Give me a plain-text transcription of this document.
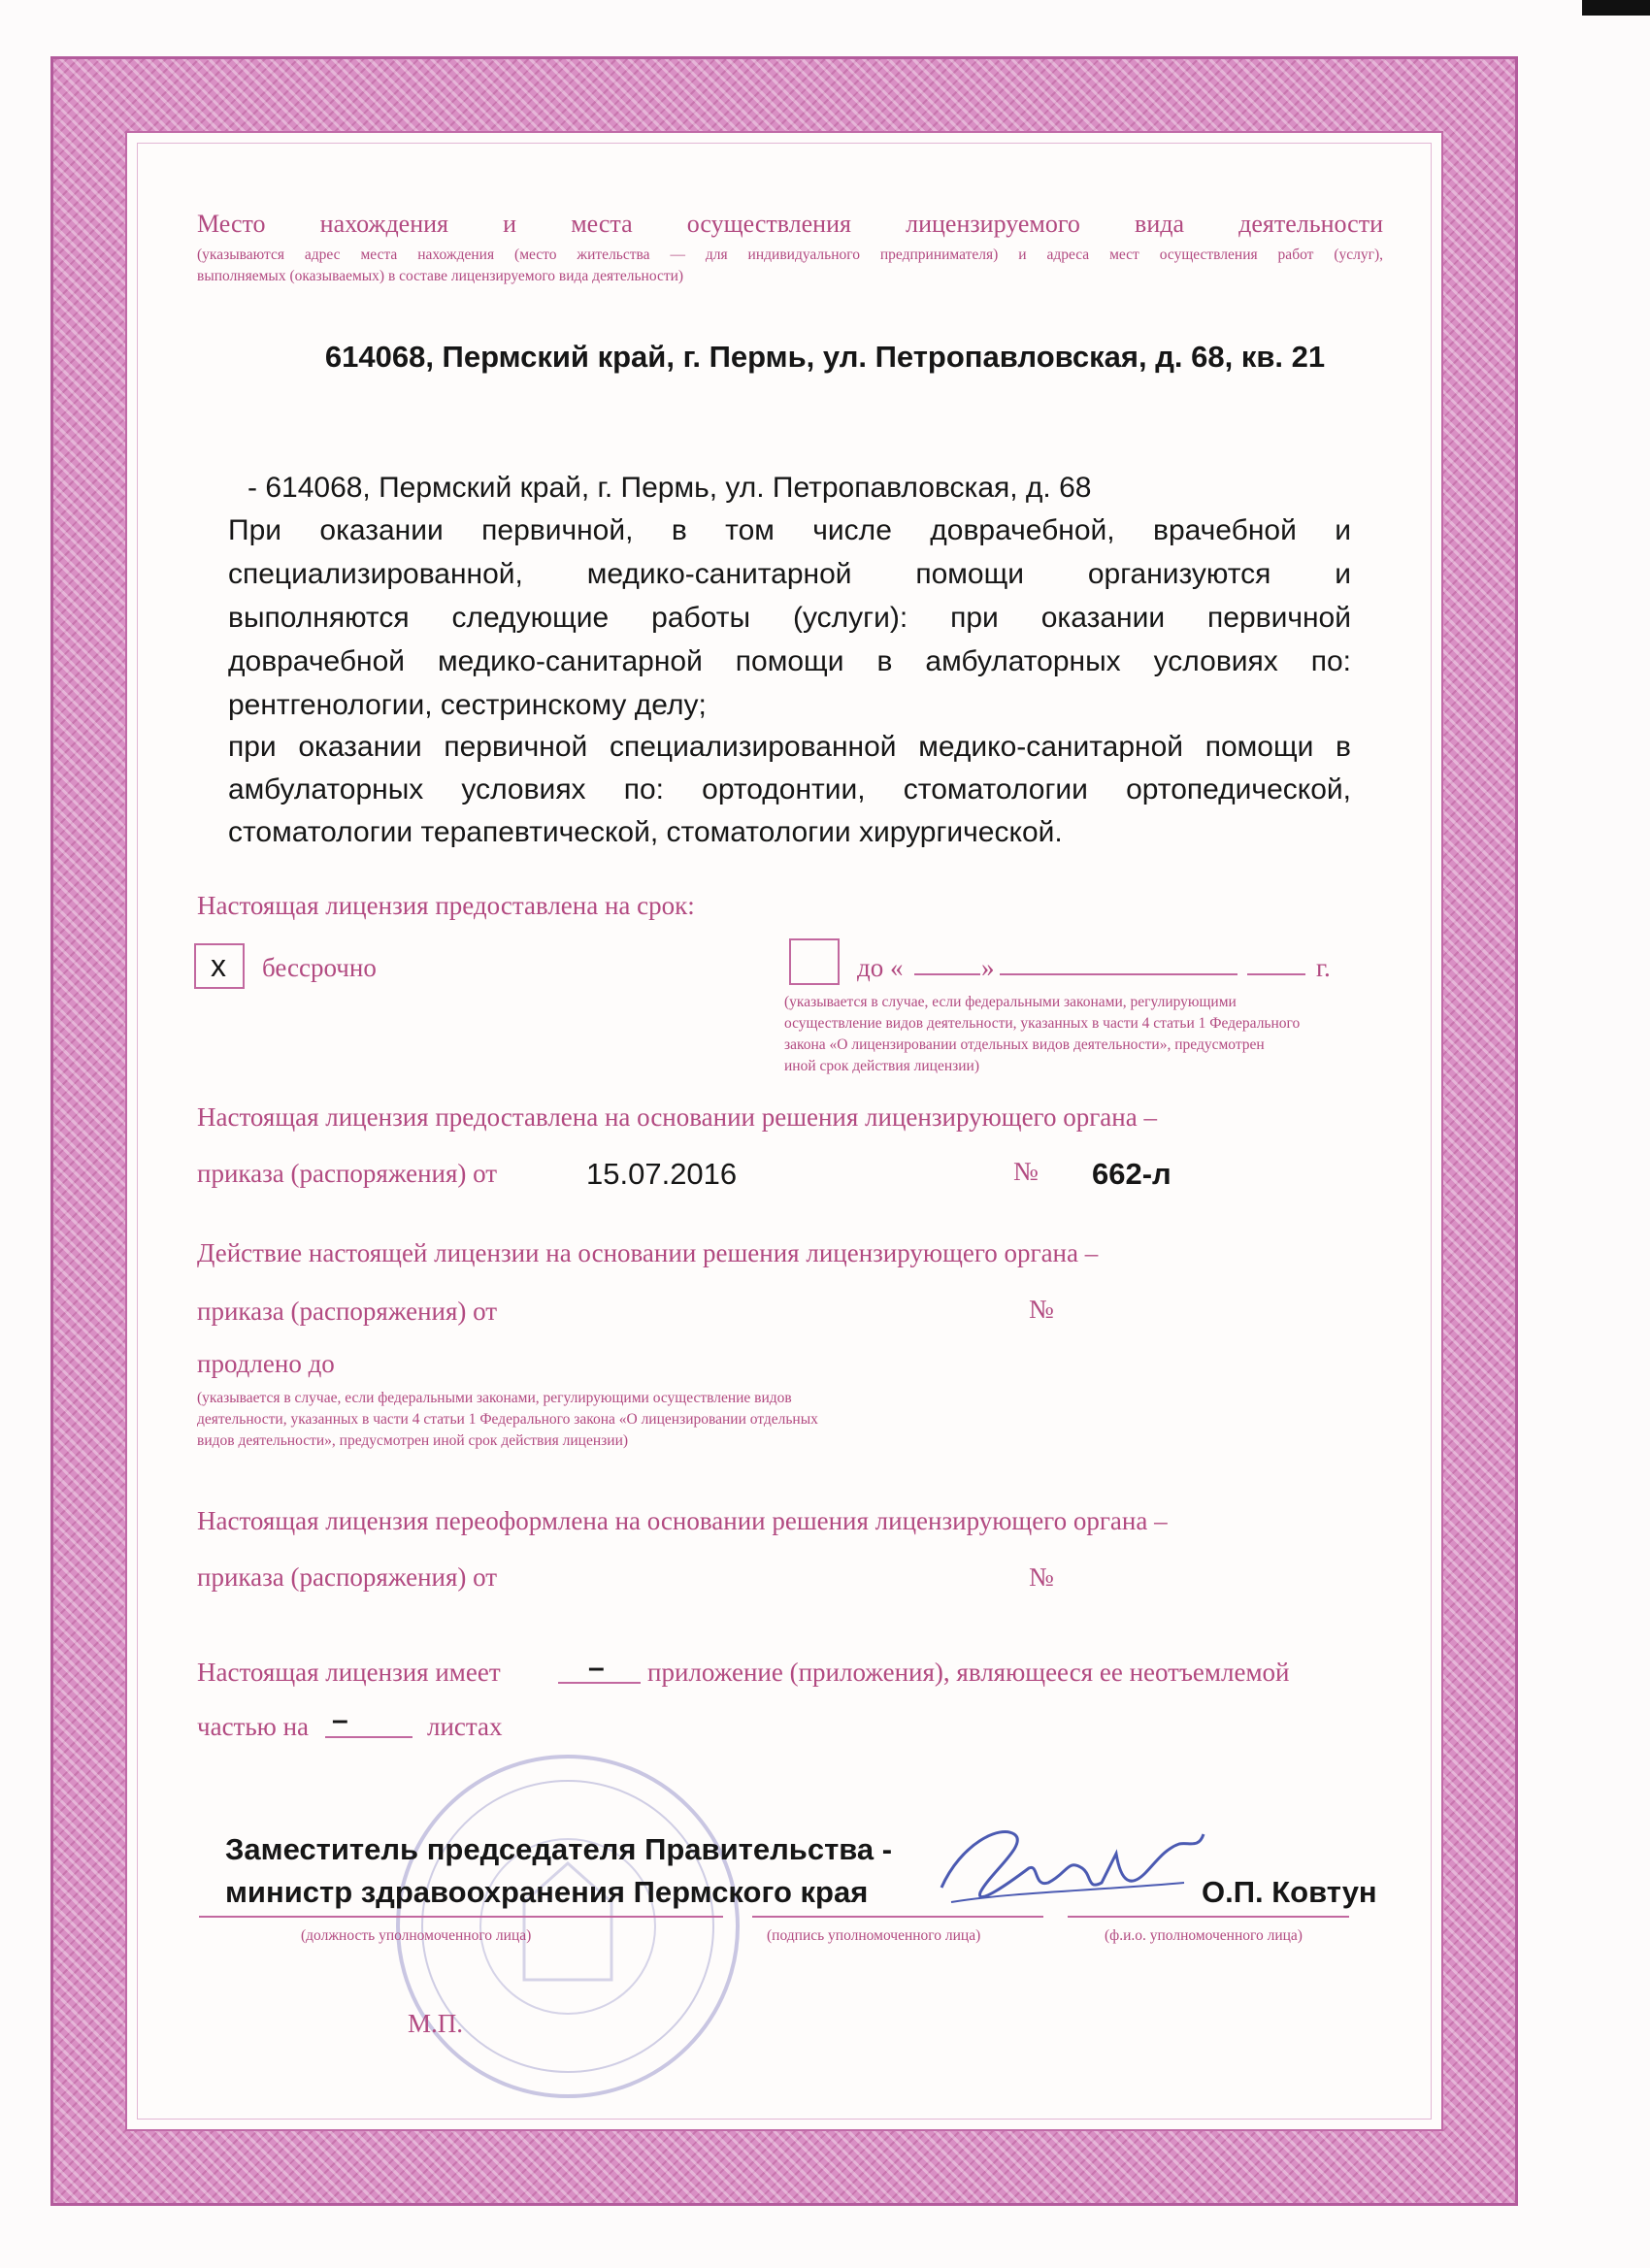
Место нахождения и места осуществления лицензируемого вида деятельности
(указываются адрес места нахождения (место жительства — для индивидуального предпринимателя) и адреса мест осуществления работ (услуг),
выполняемых (оказываемых) в составе лицензируемого вида деятельности)
614068, Пермский край, г. Пермь, ул. Петропавловская, д. 68, кв. 21
- 614068, Пермский край, г. Пермь, ул. Петропавловская, д. 68
При оказании первичной, в том числе доврачебной, врачебной и
специализированной, медико-санитарной помощи организуются и
выполняются следующие работы (услуги): при оказании первичной
доврачебной медико-санитарной помощи в амбулаторных условиях по:
рентгенологии, сестринскому делу;
при оказании первичной специализированной медико-санитарной помощи в
амбулаторных условиях по: ортодонтии, стоматологии ортопедической,
стоматологии терапевтической, стоматологии хирургической.
Настоящая лицензия предоставлена на срок:
х бессрочно	до «	»	г.
(указывается в случае, если федеральными законами, регулирующими
осуществление видов деятельности, указанных в части 4 статьи 1 Федерального
закона «О лицензировании отдельных видов деятельности», предусмотрен
иной срок действия лицензии)
Настоящая лицензия предоставлена на основании решения лицензирующего органа –
приказа (распоряжения) от	15.07.2016	№ 662-л
Действие настоящей лицензии на основании решения лицензирующего органа –
приказа (распоряжения) от	№
продлено до
(указывается в случае, если федеральными законами, регулирующими осуществление видов
деятельности, указанных в части 4 статьи 1 Федерального закона «О лицензировании отдельных
видов деятельности», предусмотрен иной срок действия лицензии)
Настоящая лицензия переоформлена на основании решения лицензирующего органа –
приказа (распоряжения) от	№
Настоящая лицензия имеет	– приложение (приложения), являющееся ее неотъемлемой
частью на –	листах
Заместитель председателя Правительства -
министр здравоохранения Пермского края	О.П. Ковтун
(должность уполномоченного лица)	(подпись уполномоченного лица)	(ф.и.о. уполномоченного лица)
М.П.
